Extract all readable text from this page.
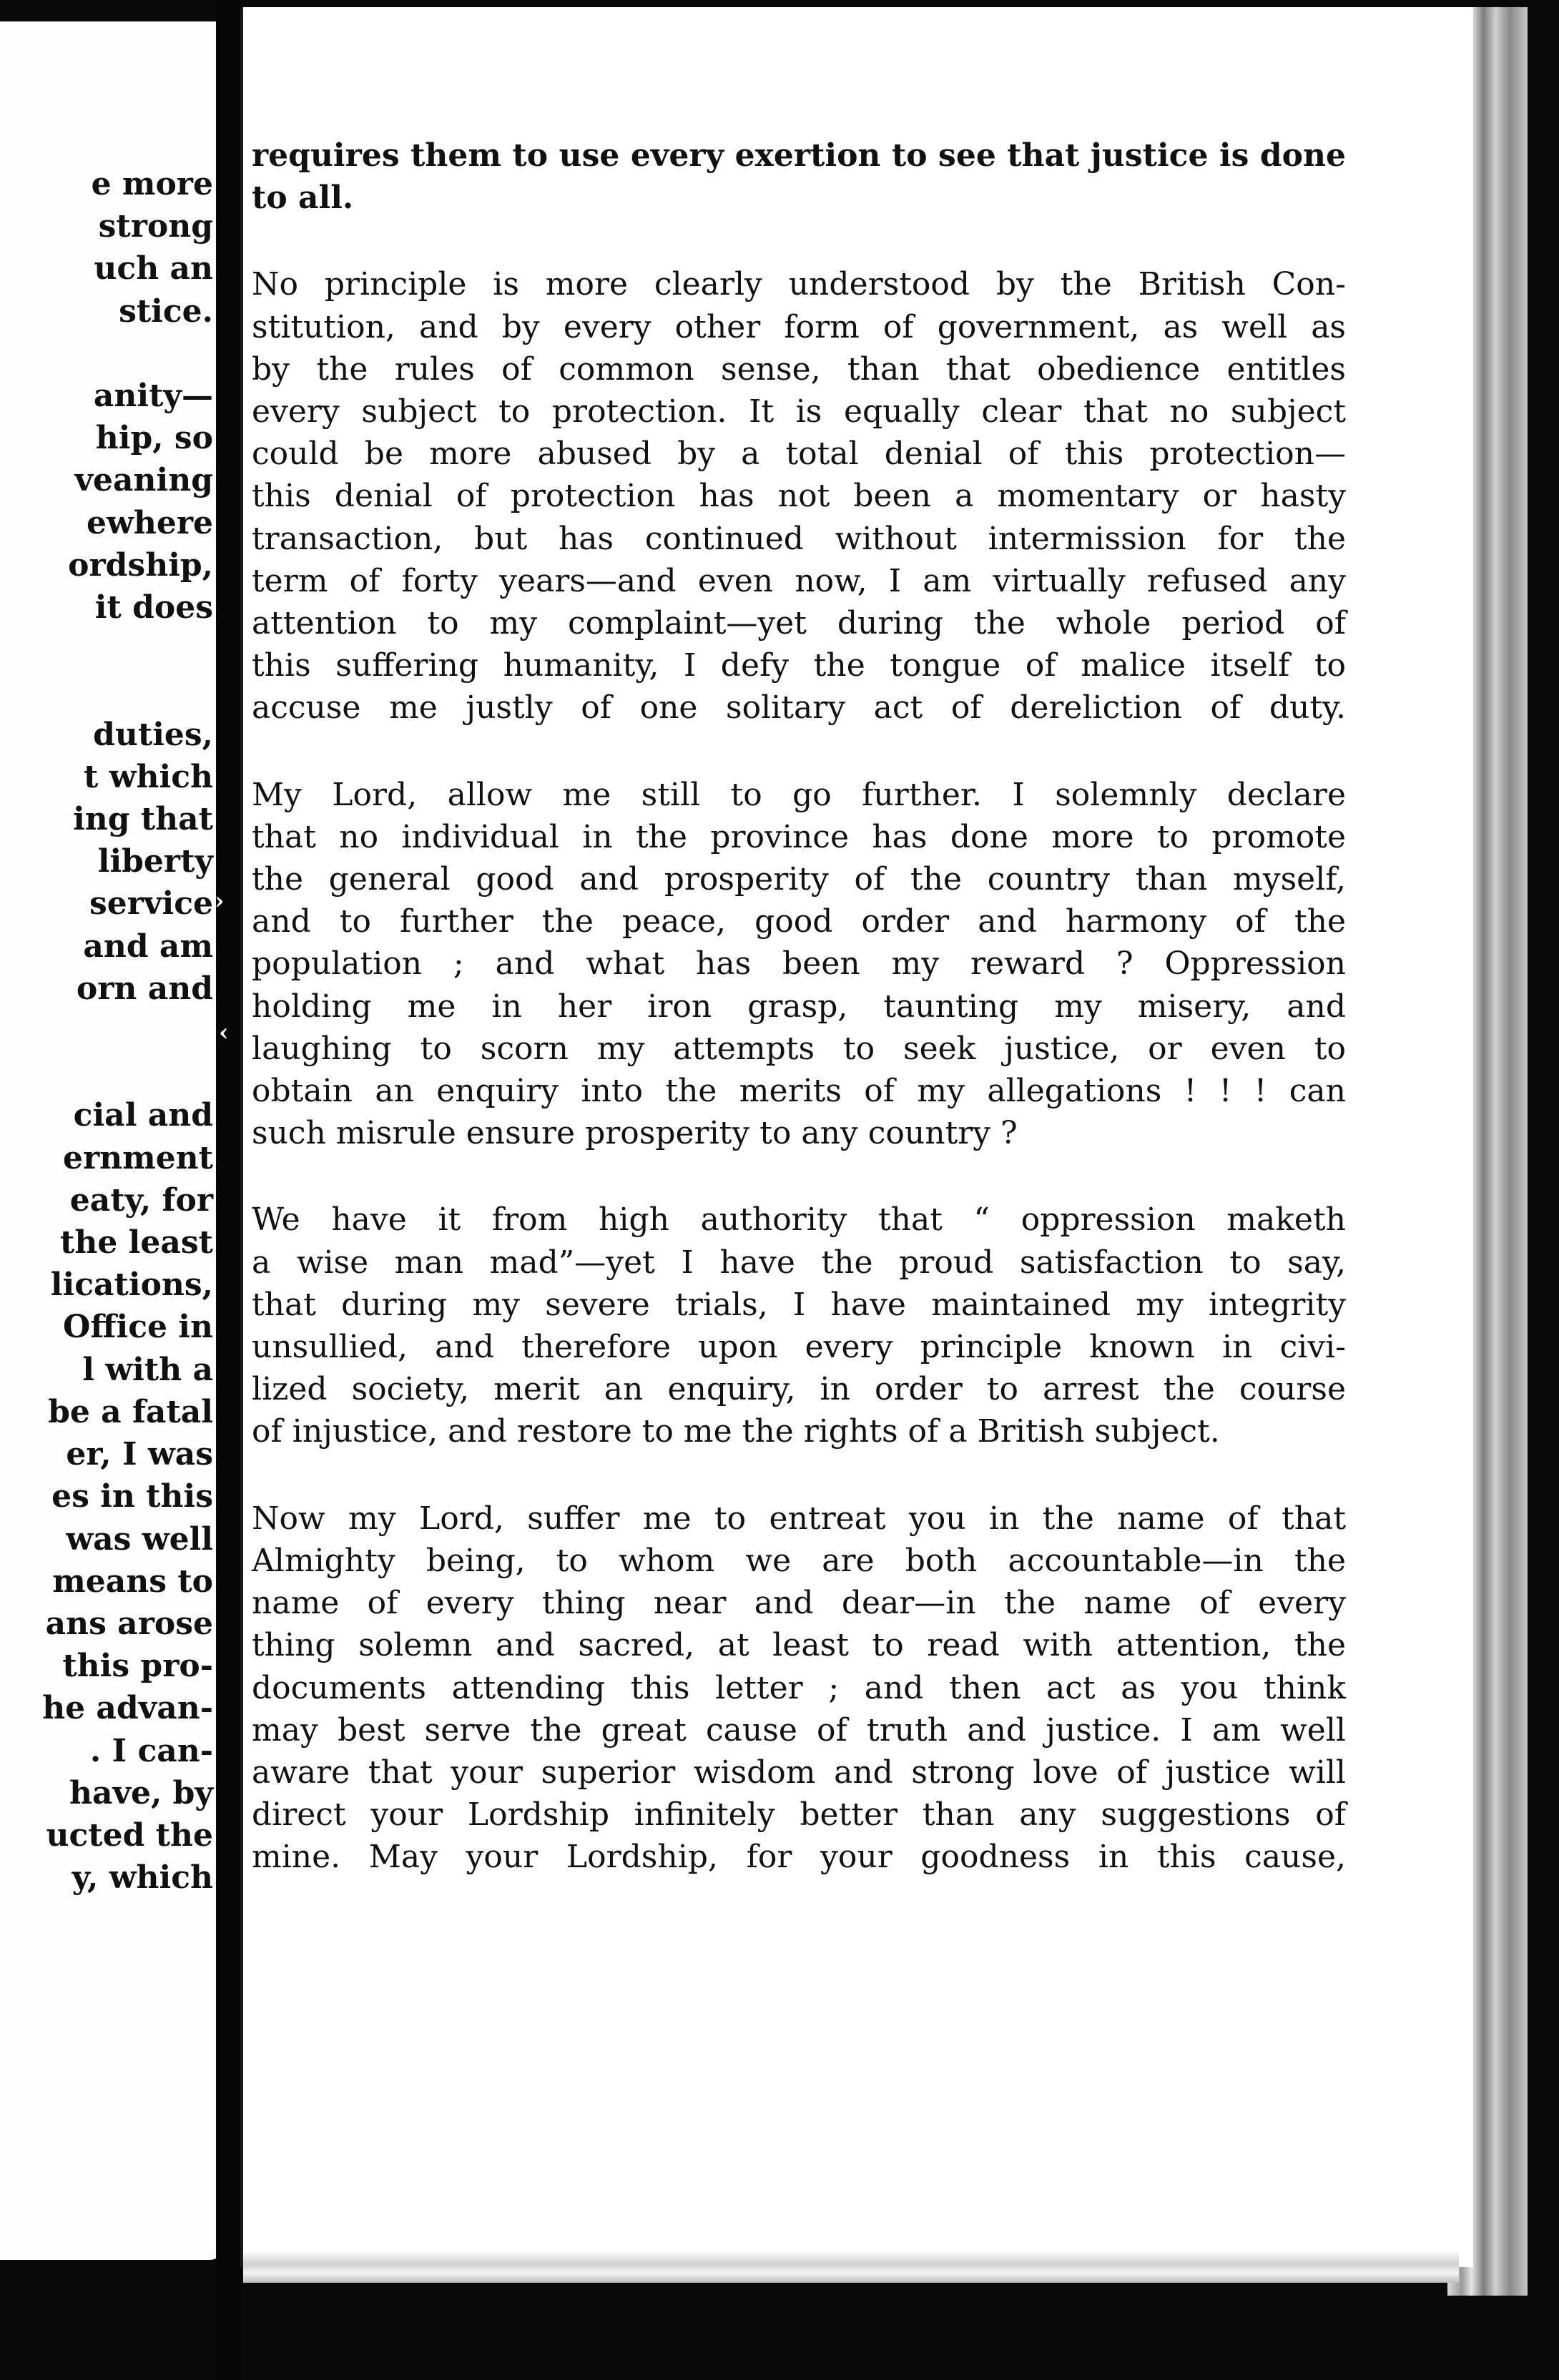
e more
strong
uch an
stice.

anity—
hip, so
veaning
ewhere
ordship,
it does

duties,
t which
ing that
liberty
service
and am
orn and

cial and
ernment
eaty, for
the least
lications,
Office in
l with a
be a fatal
er, I was
es in this
was well
means to
ans arose
this pro-
he advan-
. I can-
have, by
ucted the
y, which
requires them to use every exertion to see that justice is done
to all.
No principle is more clearly understood by the British Con-
stitution, and by every other form of government, as well as
by the rules of common sense, than that obedience entitles
every subject to protection. It is equally clear that no subject
could be more abused by a total denial of this protection—
this denial of protection has not been a momentary or hasty
transaction, but has continued without intermission for the
term of forty years—and even now, I am virtually refused any
attention to my complaint—yet during the whole period of
this suffering humanity, I defy the tongue of malice itself to
accuse me justly of one solitary act of dereliction of duty.
My Lord, allow me still to go further. I solemnly declare
that no individual in the province has done more to promote
the general good and prosperity of the country than myself,
and to further the peace, good order and harmony of the
population ; and what has been my reward ? Oppression
holding me in her iron grasp, taunting my misery, and
laughing to scorn my attempts to seek justice, or even to
obtain an enquiry into the merits of my allegations ! ! ! can
such misrule ensure prosperity to any country ?
We have it from high authority that “ oppression maketh
a wise man mad”—yet I have the proud satisfaction to say,
that during my severe trials, I have maintained my integrity
unsullied, and therefore upon every principle known in civi-
lized society, merit an enquiry, in order to arrest the course
of injustice, and restore to me the rights of a British subject.
Now my Lord, suffer me to entreat you in the name of that
Almighty being, to whom we are both accountable—in the
name of every thing near and dear—in the name of every
thing solemn and sacred, at least to read with attention, the
documents attending this letter ; and then act as you think
may best serve the great cause of truth and justice. I am well
aware that your superior wisdom and strong love of justice will
direct your Lordship infinitely better than any suggestions of
mine. May your Lordship, for your goodness in this cause,
›
‹
